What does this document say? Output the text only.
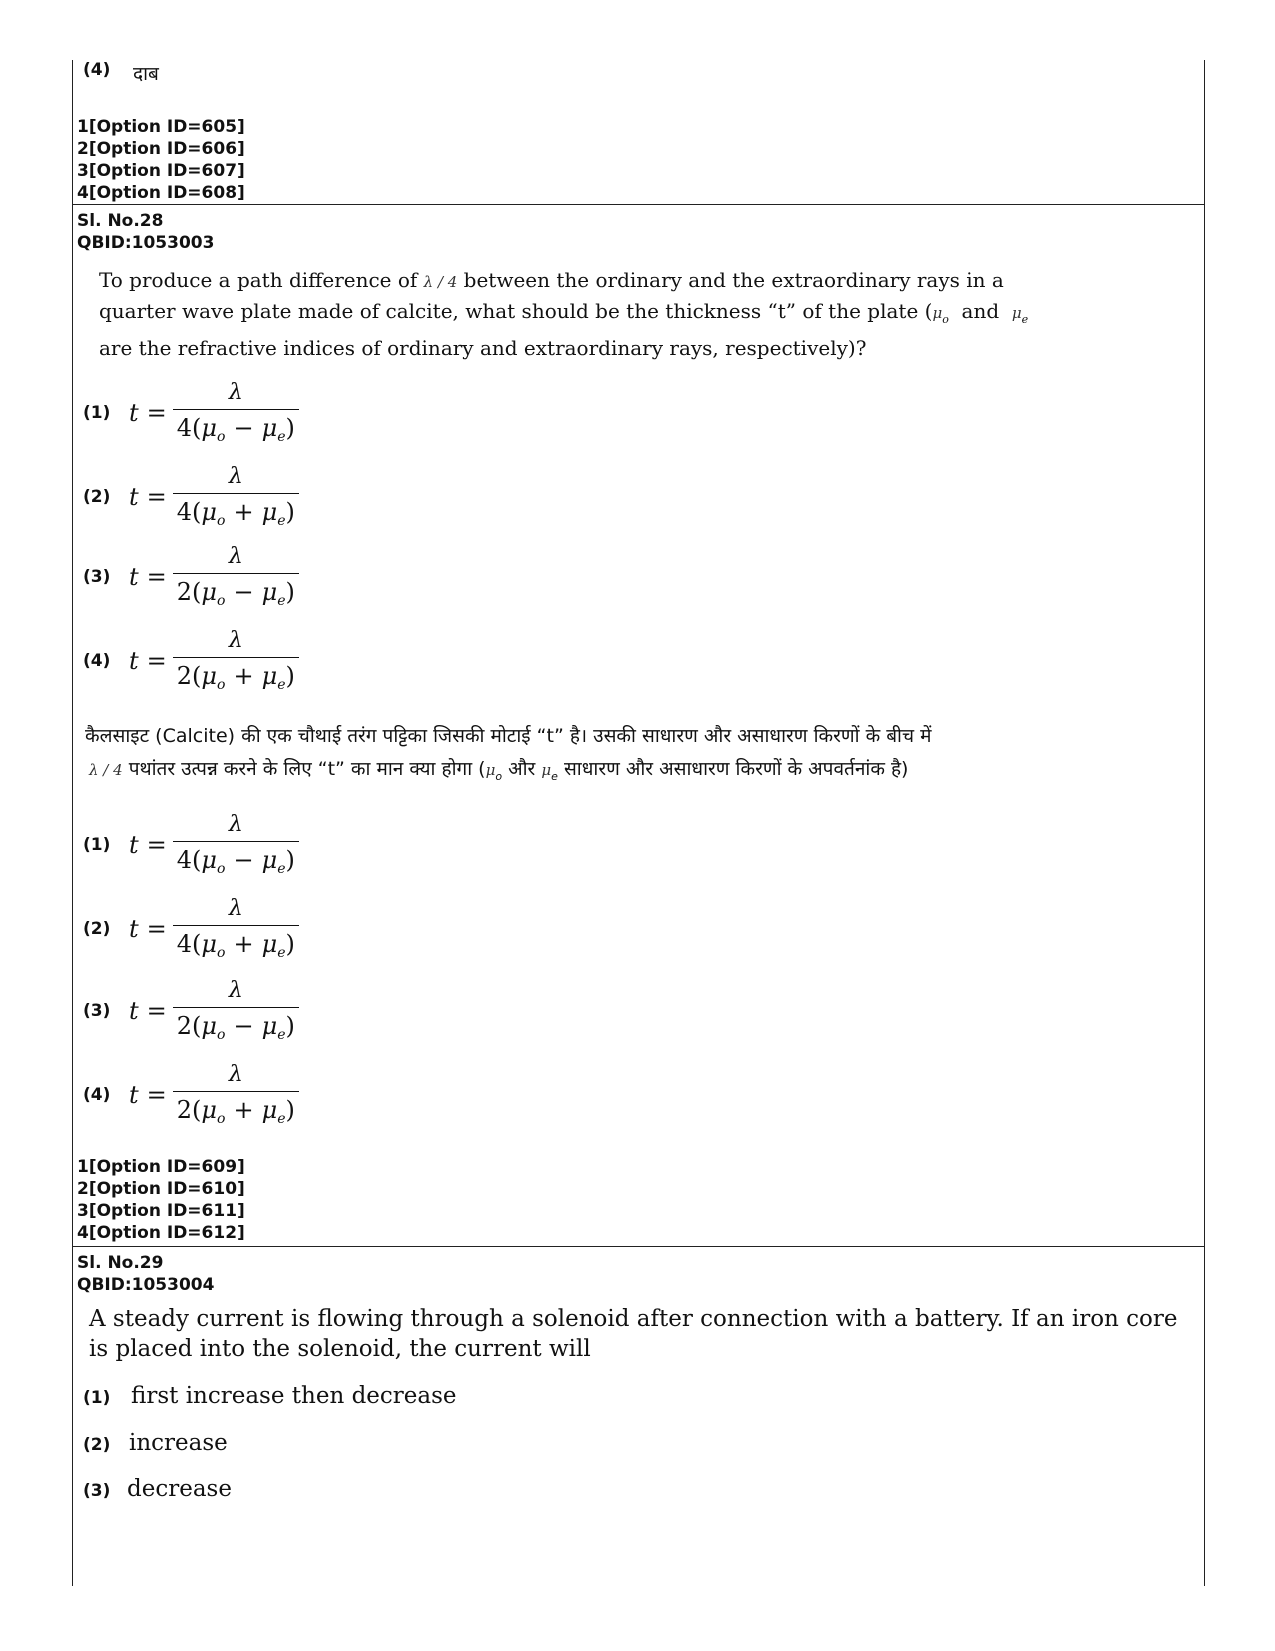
(4) दाब
1[Option ID=605]
2[Option ID=606]
3[Option ID=607]
4[Option ID=608]
Sl. No.28
QBID:1053003
To produce a path difference of λ / 4 between the ordinary and the extraordinary rays in a
quarter wave plate made of calcite, what should be the thickness “t” of the plate ($\mu_o$ and $\mu_e$
are the refractive indices of ordinary and extraordinary rays, respectively)?
(1) $t = \frac{\lambda}{4(\mu_o - \mu_e)}$
(2) $t = \frac{\lambda}{4(\mu_o + \mu_e)}$
(3) $t = \frac{\lambda}{2(\mu_o - \mu_e)}$
(4) $t = \frac{\lambda}{2(\mu_o + \mu_e)}$
कैलसाइट (Calcite) की एक चौथाई तरंग पट्टिका जिसकी मोटाई “t” है। उसकी साधारण और असाधारण किरणों के बीच में
λ / 4 पथांतर उत्पन्न करने के लिए “t” का मान क्या होगा ($\mu_o$ और $\mu_e$ साधारण और असाधारण किरणों के अपवर्तनांक है)
(1) $t = \frac{\lambda}{4(\mu_o - \mu_e)}$
(2) $t = \frac{\lambda}{4(\mu_o + \mu_e)}$
(3) $t = \frac{\lambda}{2(\mu_o - \mu_e)}$
(4) $t = \frac{\lambda}{2(\mu_o + \mu_e)}$
1[Option ID=609]
2[Option ID=610]
3[Option ID=611]
4[Option ID=612]
Sl. No.29
QBID:1053004
A steady current is flowing through a solenoid after connection with a battery. If an iron core
is placed into the solenoid, the current will
(1) first increase then decrease
(2) increase
(3) decrease
